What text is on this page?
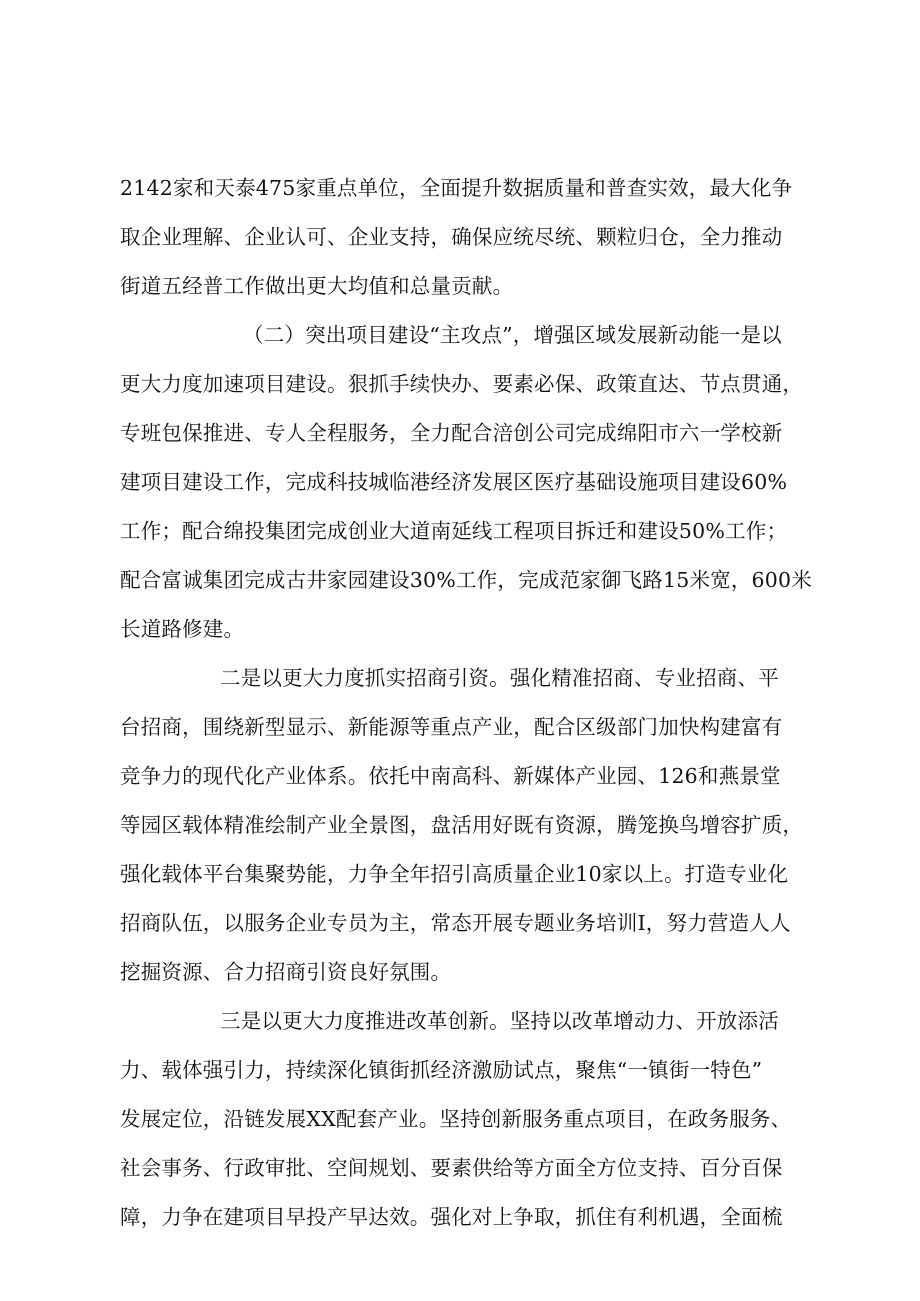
2142家和天泰475家重点单位，全面提升数据质量和普查实效，最大化争
取企业理解、企业认可、企业支持，确保应统尽统、颗粒归仓，全力推动
街道五经普工作做出更大均值和总量贡献。
（二）突出项目建设“主攻点”，增强区域发展新动能一是以
更大力度加速项目建设。狠抓手续快办、要素必保、政策直达、节点贯通，
专班包保推进、专人全程服务，全力配合涪创公司完成绵阳市六一学校新
建项目建设工作，完成科技城临港经济发展区医疗基础设施项目建设60%
工作；配合绵投集团完成创业大道南延线工程项目拆迁和建设50%工作；
配合富诚集团完成古井家园建设30%工作，完成范家御飞路15米宽，600米
长道路修建。
二是以更大力度抓实招商引资。强化精准招商、专业招商、平
台招商，围绕新型显示、新能源等重点产业，配合区级部门加快构建富有
竞争力的现代化产业体系。依托中南高科、新媒体产业园、126和燕景堂
等园区载体精准绘制产业全景图，盘活用好既有资源，腾笼换鸟增容扩质，
强化载体平台集聚势能，力争全年招引高质量企业10家以上。打造专业化
招商队伍，以服务企业专员为主，常态开展专题业务培训I，努力营造人人
挖掘资源、合力招商引资良好氛围。
三是以更大力度推进改革创新。坚持以改革增动力、开放添活
力、载体强引力，持续深化镇街抓经济激励试点，聚焦“一镇街一特色”
发展定位，沿链发展XX配套产业。坚持创新服务重点项目，在政务服务、
社会事务、行政审批、空间规划、要素供给等方面全方位支持、百分百保
障，力争在建项目早投产早达效。强化对上争取，抓住有利机遇，全面梳
